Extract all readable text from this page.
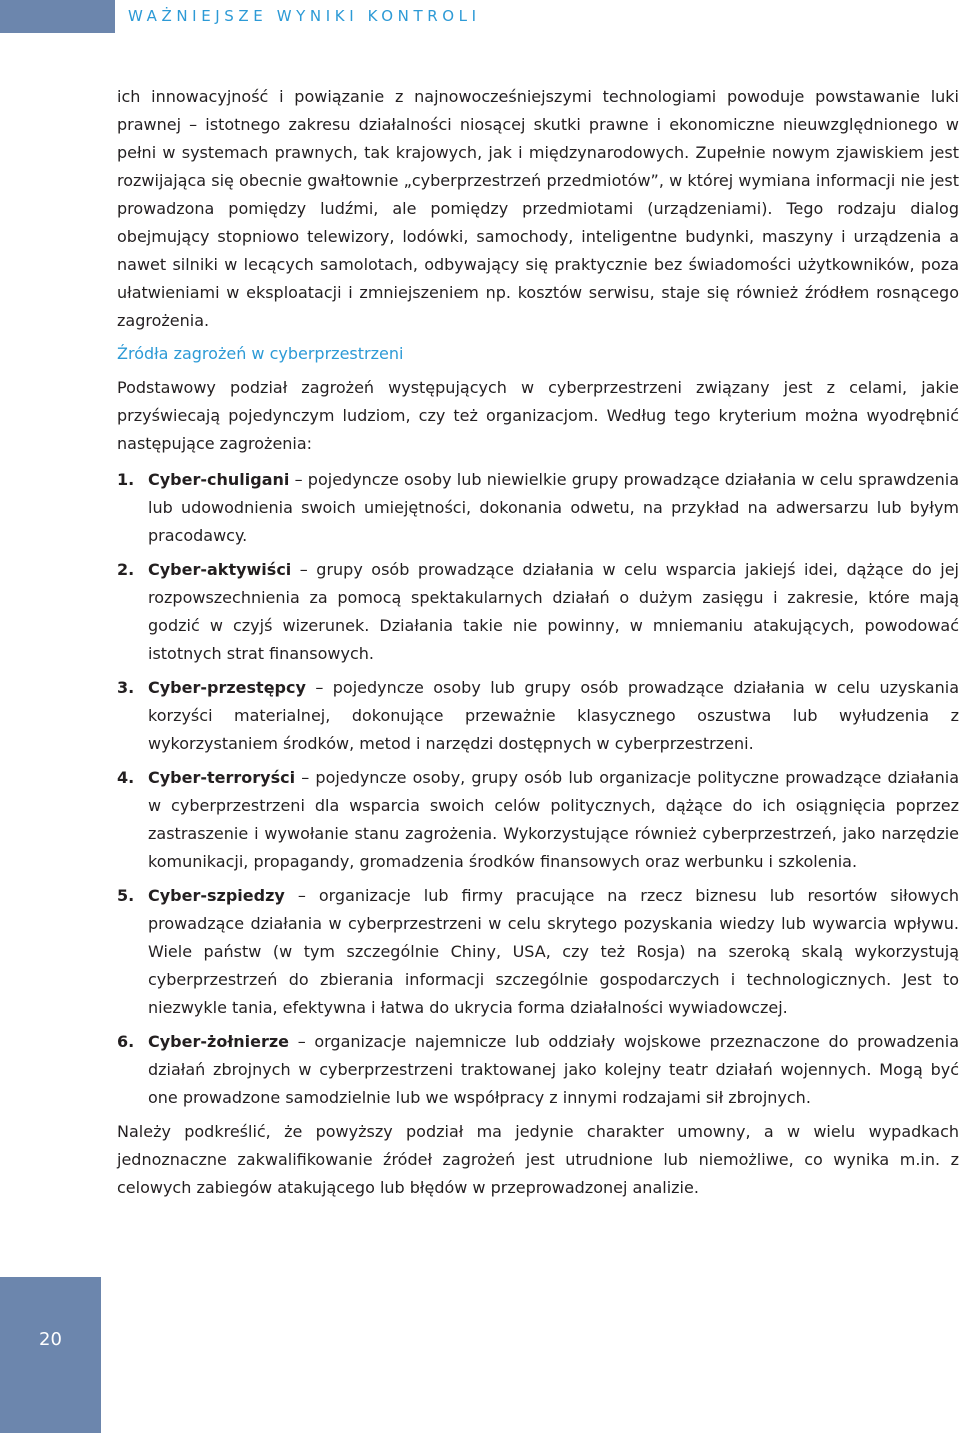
WAŻNIEJSZE WYNIKI KONTROLI

ich innowacyjność i powiązanie z najnowocześniejszymi technologiami powoduje powstawanie luki prawnej – istotnego zakresu działalności niosącej skutki prawne i ekonomiczne nieuwzględnionego w pełni w systemach prawnych, tak krajowych, jak i międzynarodowych. Zupełnie nowym zjawiskiem jest rozwijająca się obecnie gwałtownie „cyberprzestrzeń przedmiotów”, w której wymiana informacji nie jest prowadzona pomiędzy ludźmi, ale pomiędzy przedmiotami (urządzeniami). Tego rodzaju dialog obejmujący stopniowo telewizory, lodówki, samochody, inteligentne budynki, maszyny i urządzenia a nawet silniki w lecących samolotach, odbywający się praktycznie bez świadomości użytkowników, poza ułatwieniami w eksploatacji i zmniejszeniem np. kosztów serwisu, staje się również źródłem rosnącego zagrożenia.

Źródła zagrożeń w cyberprzestrzeni

Podstawowy podział zagrożeń występujących w cyberprzestrzeni związany jest z celami, jakie przyświecają pojedynczym ludziom, czy też organizacjom. Według tego kryterium można wyodrębnić następujące zagrożenia:

1. Cyber-chuligani – pojedyncze osoby lub niewielkie grupy prowadzące działania w celu sprawdzenia lub udowodnienia swoich umiejętności, dokonania odwetu, na przykład na adwersarzu lub byłym pracodawcy.
2. Cyber-aktywiści – grupy osób prowadzące działania w celu wsparcia jakiejś idei, dążące do jej rozpowszechnienia za pomocą spektakularnych działań o dużym zasięgu i zakresie, które mają godzić w czyjś wizerunek. Działania takie nie powinny, w mniemaniu atakujących, powodować istotnych strat finansowych.
3. Cyber-przestępcy – pojedyncze osoby lub grupy osób prowadzące działania w celu uzyskania korzyści materialnej, dokonujące przeważnie klasycznego oszustwa lub wyłudzenia z wykorzystaniem środków, metod i narzędzi dostępnych w cyberprzestrzeni.
4. Cyber-terroryści – pojedyncze osoby, grupy osób lub organizacje polityczne prowadzące działania w cyberprzestrzeni dla wsparcia swoich celów politycznych, dążące do ich osiągnięcia poprzez zastraszenie i wywołanie stanu zagrożenia. Wykorzystujące również cyberprzestrzeń, jako narzędzie komunikacji, propagandy, gromadzenia środków finansowych oraz werbunku i szkolenia.
5. Cyber-szpiedzy – organizacje lub firmy pracujące na rzecz biznesu lub resortów siłowych prowadzące działania w cyberprzestrzeni w celu skrytego pozyskania wiedzy lub wywarcia wpływu. Wiele państw (w tym szczególnie Chiny, USA, czy też Rosja) na szeroką skalą wykorzystują cyberprzestrzeń do zbierania informacji szczególnie gospodarczych i technologicznych. Jest to niezwykle tania, efektywna i łatwa do ukrycia forma działalności wywiadowczej.
6. Cyber-żołnierze – organizacje najemnicze lub oddziały wojskowe przeznaczone do prowadzenia działań zbrojnych w cyberprzestrzeni traktowanej jako kolejny teatr działań wojennych. Mogą być one prowadzone samodzielnie lub we współpracy z innymi rodzajami sił zbrojnych.

Należy podkreślić, że powyższy podział ma jedynie charakter umowny, a w wielu wypadkach jednoznaczne zakwalifikowanie źródeł zagrożeń jest utrudnione lub niemożliwe, co wynika m.in. z celowych zabiegów atakującego lub błędów w przeprowadzonej analizie.

20
